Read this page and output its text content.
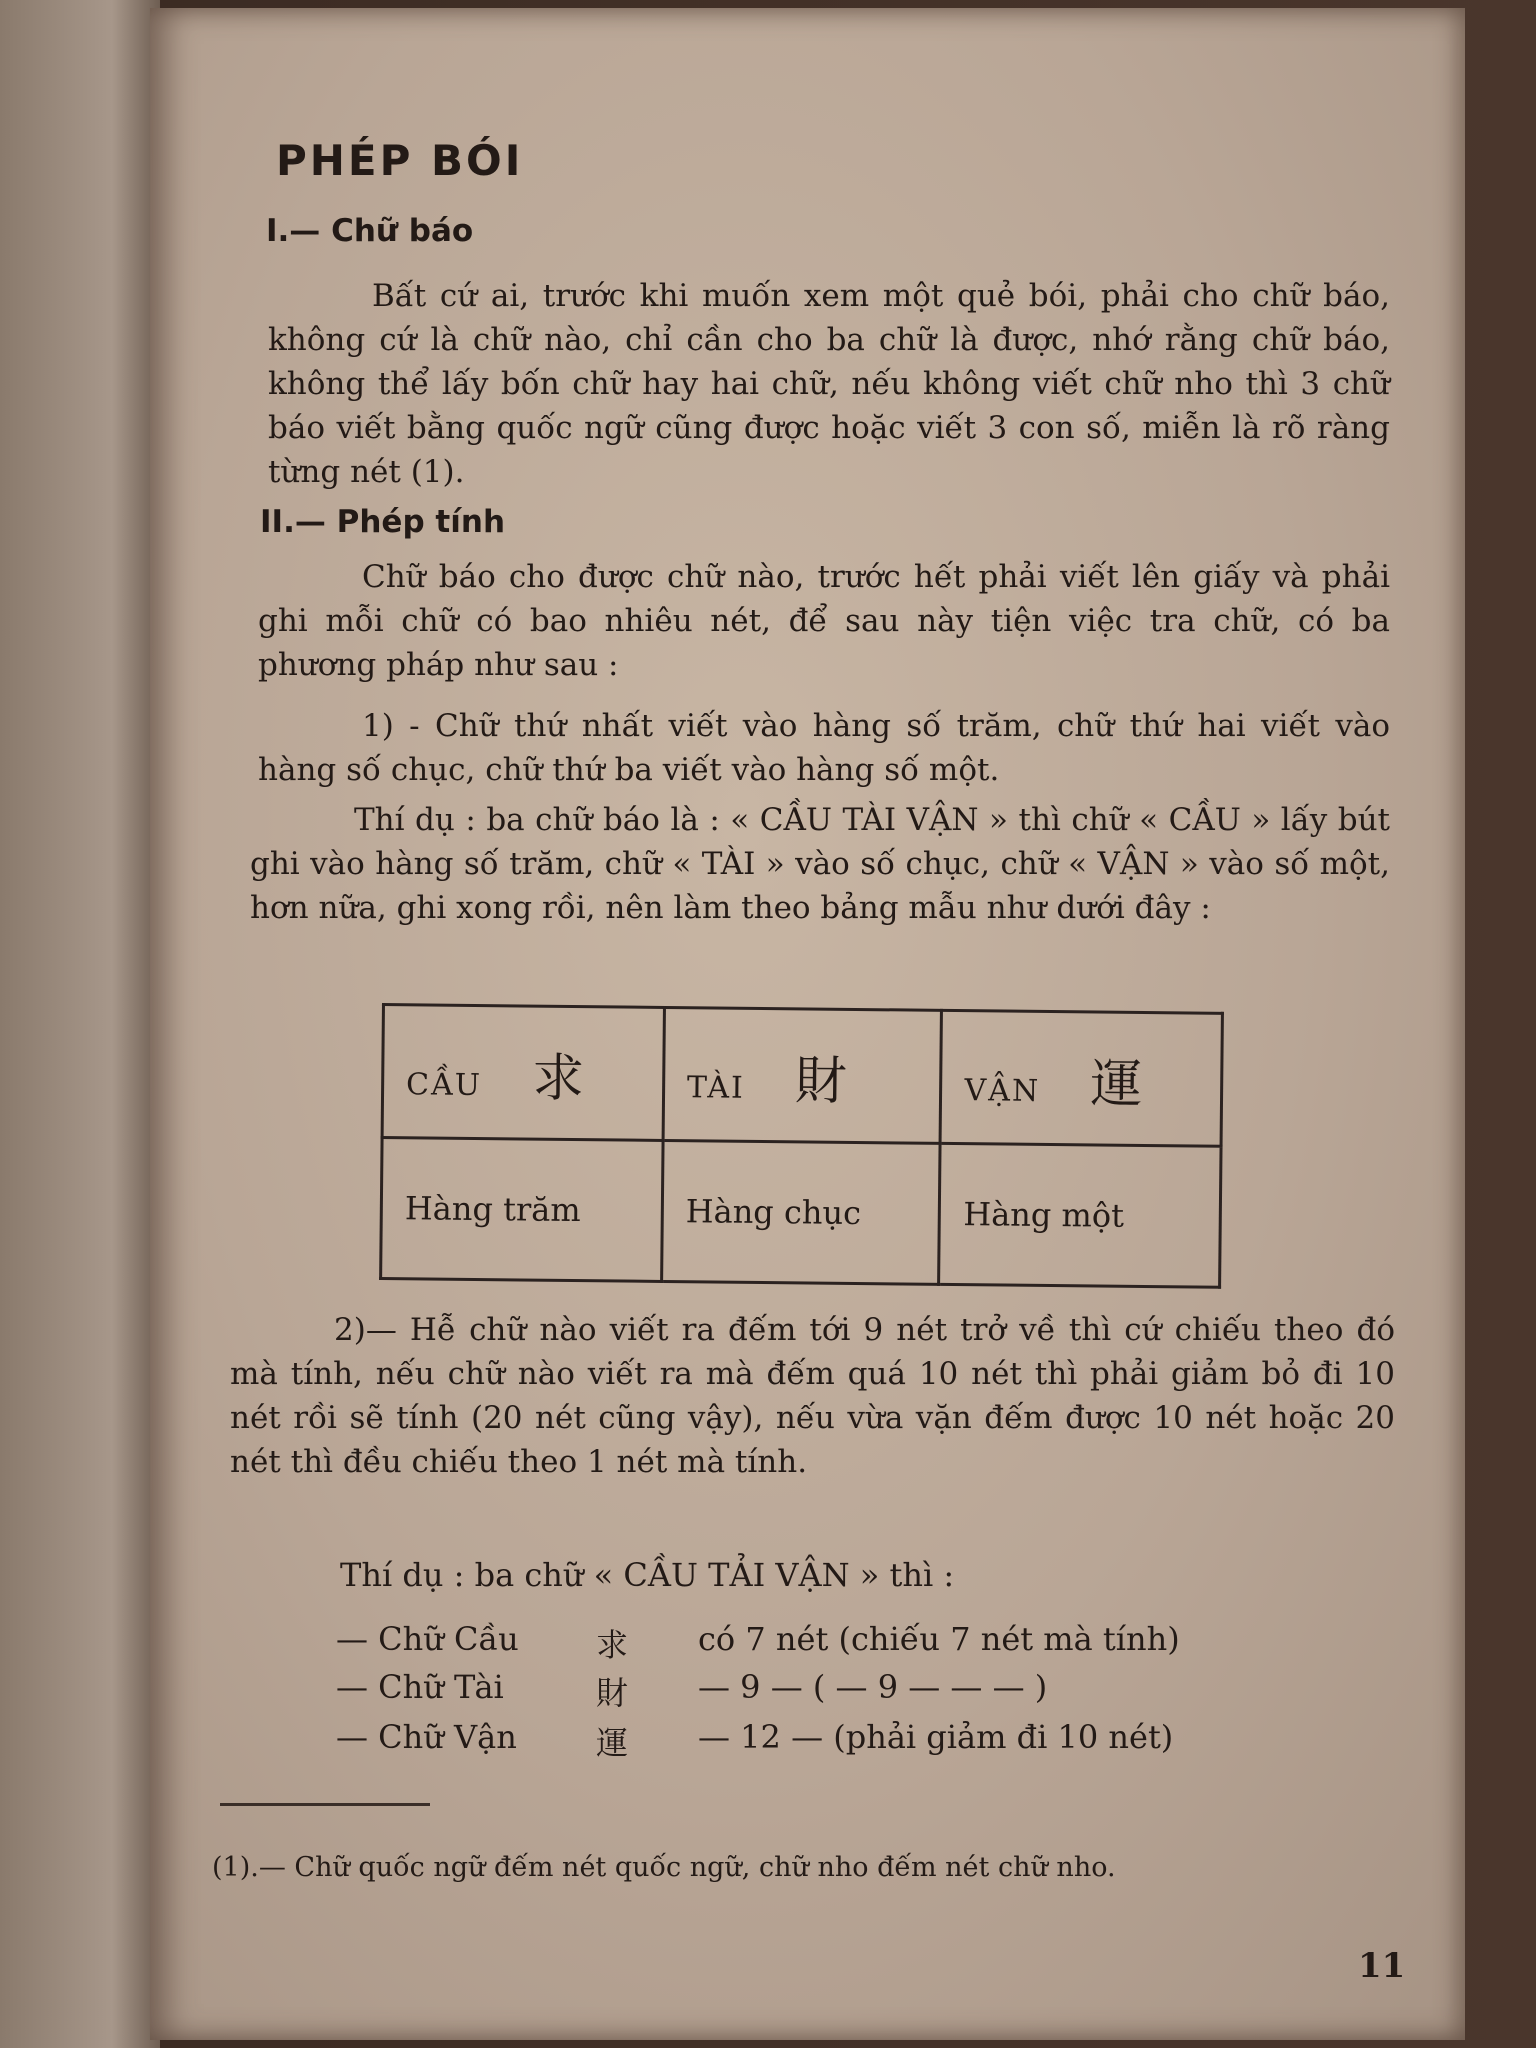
PHÉP BÓI
I.— Chữ báo
Bất cứ ai, trước khi muốn xem một quẻ bói, phải cho chữ báo, không cứ là chữ nào, chỉ cần cho ba chữ là được, nhớ rằng chữ báo, không thể lấy bốn chữ hay hai chữ, nếu không viết chữ nho thì 3 chữ báo viết bằng quốc ngữ cũng được hoặc viết 3 con số, miễn là rõ ràng từng nét (1).
II.— Phép tính
Chữ báo cho được chữ nào, trước hết phải viết lên giấy và phải ghi mỗi chữ có bao nhiêu nét, để sau này tiện việc tra chữ, có ba phương pháp như sau :
1) - Chữ thứ nhất viết vào hàng số trăm, chữ thứ hai viết vào hàng số chục, chữ thứ ba viết vào hàng số một.
Thí dụ : ba chữ báo là : « CẦU TÀI VẬN » thì chữ « CẦU » lấy bút ghi vào hàng số trăm, chữ « TÀI » vào số chục, chữ « VẬN » vào số một, hơn nữa, ghi xong rồi, nên làm theo bảng mẫu như dưới đây :
CẦU 求	TÀI 財	VẬN 運
Hàng trăm	Hàng chục	Hàng một
2)— Hễ chữ nào viết ra đếm tới 9 nét trở về thì cứ chiếu theo đó mà tính, nếu chữ nào viết ra mà đếm quá 10 nét thì phải giảm bỏ đi 10 nét rồi sẽ tính (20 nét cũng vậy), nếu vừa vặn đếm được 10 nét hoặc 20 nét thì đều chiếu theo 1 nét mà tính.
Thí dụ : ba chữ « CẦU TẢI VẬN » thì :
— Chữ Cầu 求 có 7 nét (chiếu 7 nét mà tính)
— Chữ Tài	財 — 9 — ( — 9 — — — )
— Chữ Vận 運 — 12 — (phải giảm đi 10 nét)
(1).— Chữ quốc ngữ đếm nét quốc ngữ, chữ nho đếm nét chữ nho.
11
